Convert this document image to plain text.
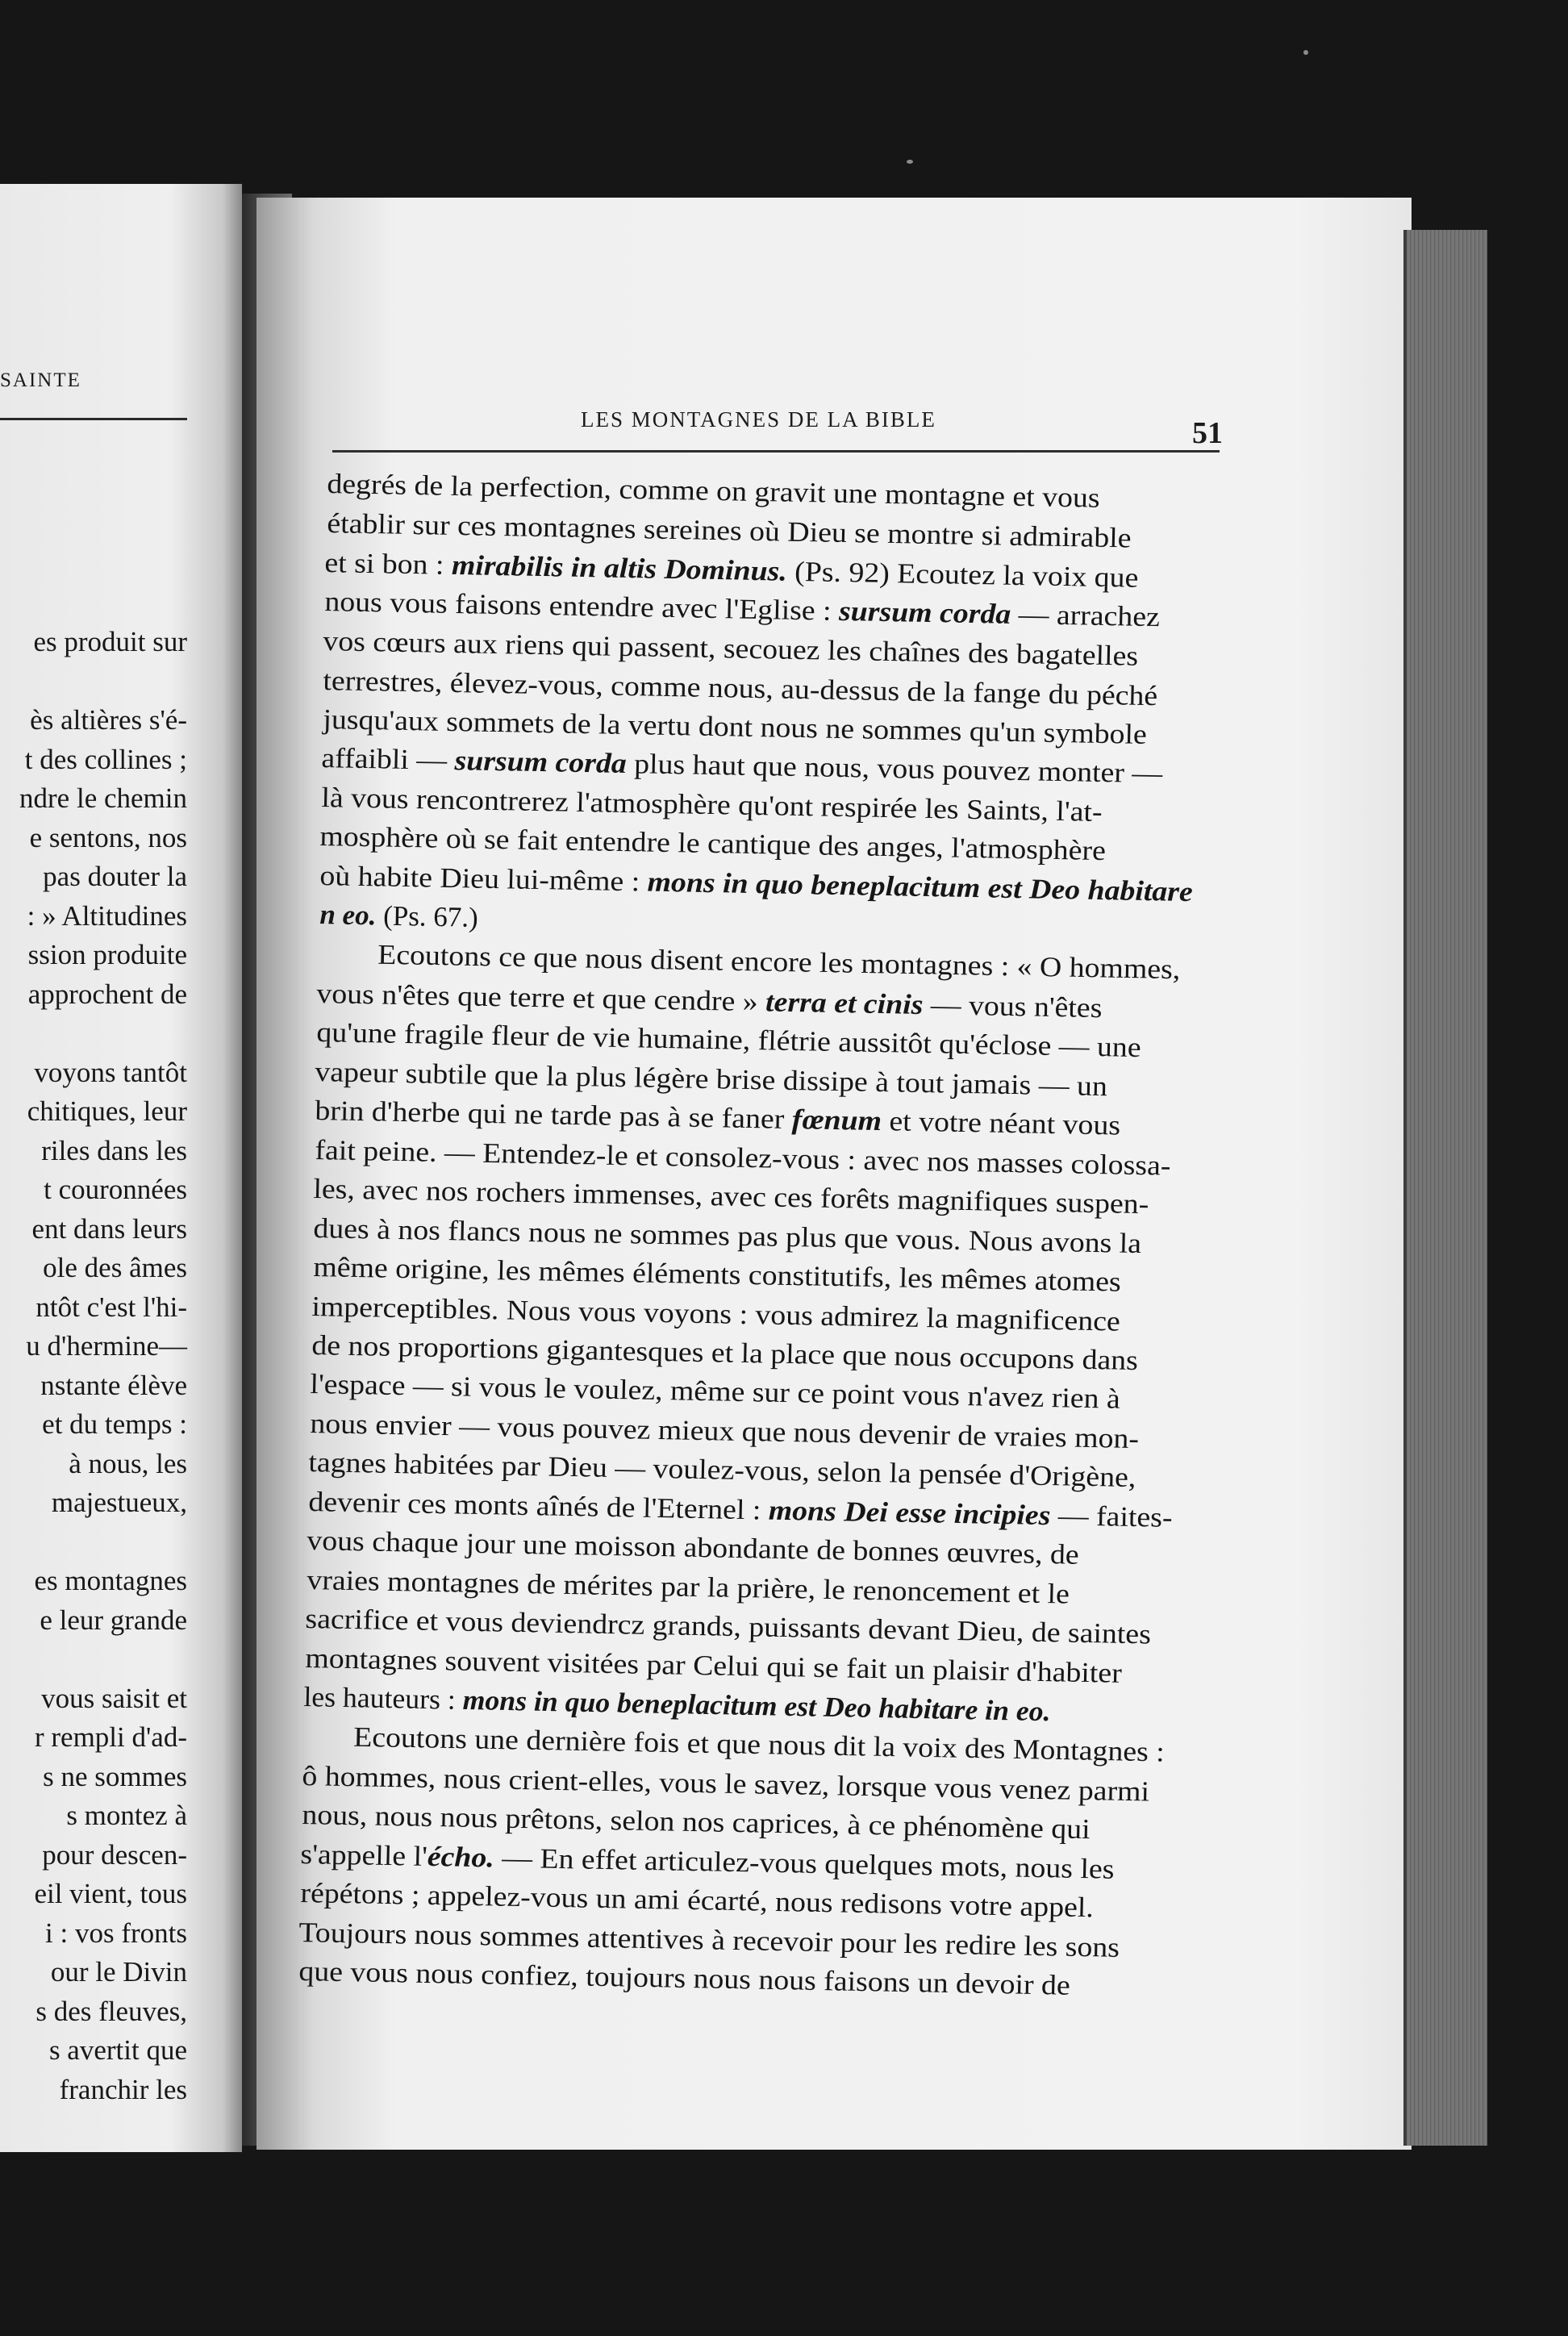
SAINTE
es produit sur
ès altières s'é-
t des collines ;
ndre le chemin
e sentons, nos
pas douter la
: » Altitudines
ssion produite
approchent de
voyons tantôt
chitiques, leur
riles dans les
t couronnées
ent dans leurs
ole des âmes
ntôt c'est l'hi-
u d'hermine—
nstante élève
et du temps :
à nous, les
majestueux,
es montagnes
e leur grande
vous saisit et
r rempli d'ad-
s ne sommes
s montez à
pour descen-
eil vient, tous
i : vos fronts
our le Divin
s des fleuves,
s avertit que
franchir les
LES MONTAGNES DE LA BIBLE	51
degrés de la perfection, comme on gravit une montagne et vous
établir sur ces montagnes sereines où Dieu se montre si admirable
et si bon : mirabilis in altis Dominus. (Ps. 92) Ecoutez la voix que
nous vous faisons entendre avec l'Eglise : sursum corda — arrachez
vos cœurs aux riens qui passent, secouez les chaînes des bagatelles
terrestres, élevez-vous, comme nous, au-dessus de la fange du péché
jusqu'aux sommets de la vertu dont nous ne sommes qu'un symbole
affaibli — sursum corda plus haut que nous, vous pouvez monter —
là vous rencontrerez l'atmosphère qu'ont respirée les Saints, l'at-
mosphère où se fait entendre le cantique des anges, l'atmosphère
où habite Dieu lui-même : mons in quo beneplacitum est Deo habitare
n eo. (Ps. 67.)
Ecoutons ce que nous disent encore les montagnes : « O hommes,
vous n'êtes que terre et que cendre » terra et cinis — vous n'êtes
qu'une fragile fleur de vie humaine, flétrie aussitôt qu'éclose — une
vapeur subtile que la plus légère brise dissipe à tout jamais — un
brin d'herbe qui ne tarde pas à se faner fœnum et votre néant vous
fait peine. — Entendez-le et consolez-vous : avec nos masses colossa-
les, avec nos rochers immenses, avec ces forêts magnifiques suspen-
dues à nos flancs nous ne sommes pas plus que vous. Nous avons la
même origine, les mêmes éléments constitutifs, les mêmes atomes
imperceptibles. Nous vous voyons : vous admirez la magnificence
de nos proportions gigantesques et la place que nous occupons dans
l'espace — si vous le voulez, même sur ce point vous n'avez rien à
nous envier — vous pouvez mieux que nous devenir de vraies mon-
tagnes habitées par Dieu — voulez-vous, selon la pensée d'Origène,
devenir ces monts aînés de l'Eternel : mons Dei esse incipies — faites-
vous chaque jour une moisson abondante de bonnes œuvres, de
vraies montagnes de mérites par la prière, le renoncement et le
sacrifice et vous deviendrcz grands, puissants devant Dieu, de saintes
montagnes souvent visitées par Celui qui se fait un plaisir d'habiter
les hauteurs : mons in quo beneplacitum est Deo habitare in eo.
Ecoutons une dernière fois et que nous dit la voix des Montagnes :
ô hommes, nous crient-elles, vous le savez, lorsque vous venez parmi
nous, nous nous prêtons, selon nos caprices, à ce phénomène qui
s'appelle l'écho. — En effet articulez-vous quelques mots, nous les
répétons ; appelez-vous un ami écarté, nous redisons votre appel.
Toujours nous sommes attentives à recevoir pour les redire les sons
que vous nous confiez, toujours nous nous faisons un devoir de
